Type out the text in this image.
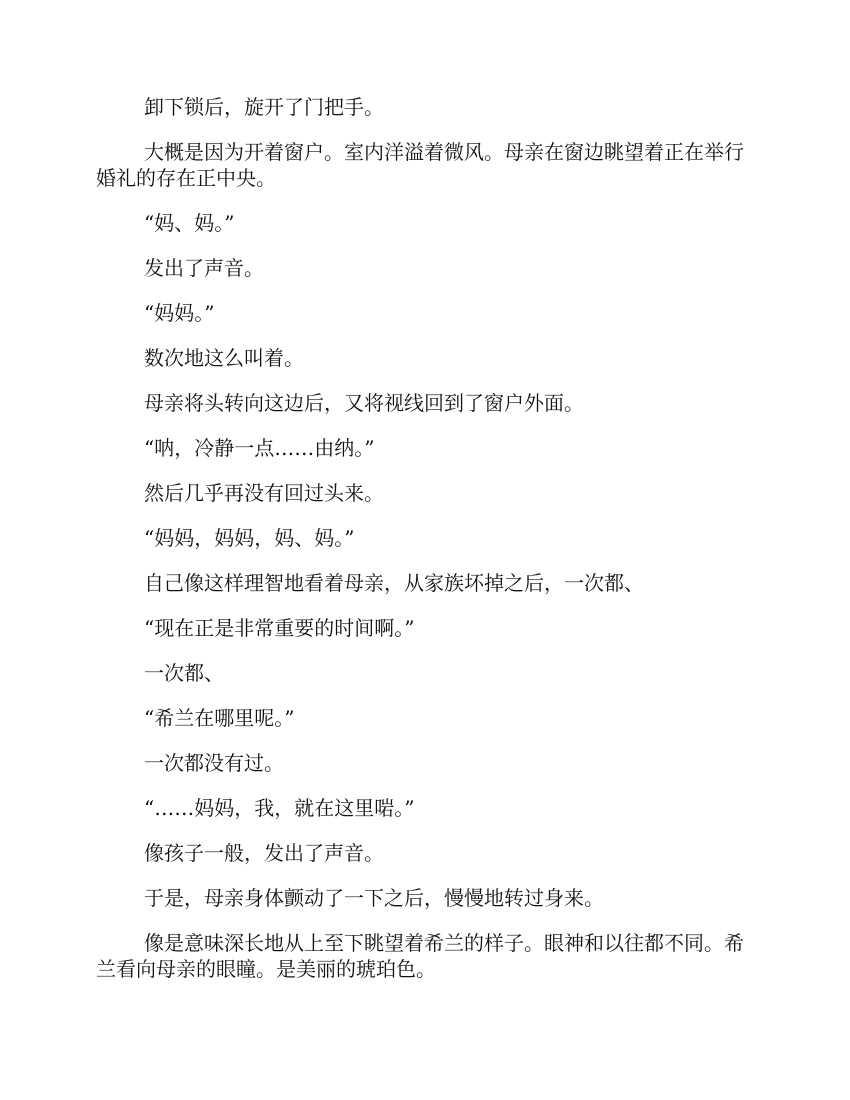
卸下锁后，旋开了门把手。

大概是因为开着窗户。室内洋溢着微风。母亲在窗边眺望着正在举行婚礼的存在正中央。

“妈、妈。”

发出了声音。

“妈妈。”

数次地这么叫着。

母亲将头转向这边后，又将视线回到了窗户外面。

“呐，冷静一点……由纳。”

然后几乎再没有回过头来。

“妈妈，妈妈，妈、妈。”

自己像这样理智地看着母亲，从家族坏掉之后，一次都、

“现在正是非常重要的时间啊。”

一次都、

“希兰在哪里呢。”

一次都没有过。

“……妈妈，我，就在这里啱。”

像孩子一般，发出了声音。

于是，母亲身体颤动了一下之后，慢慢地转过身来。

像是意味深长地从上至下眺望着希兰的样子。眼神和以往都不同。希兰看向母亲的眼瞳。是美丽的琥珀色。
